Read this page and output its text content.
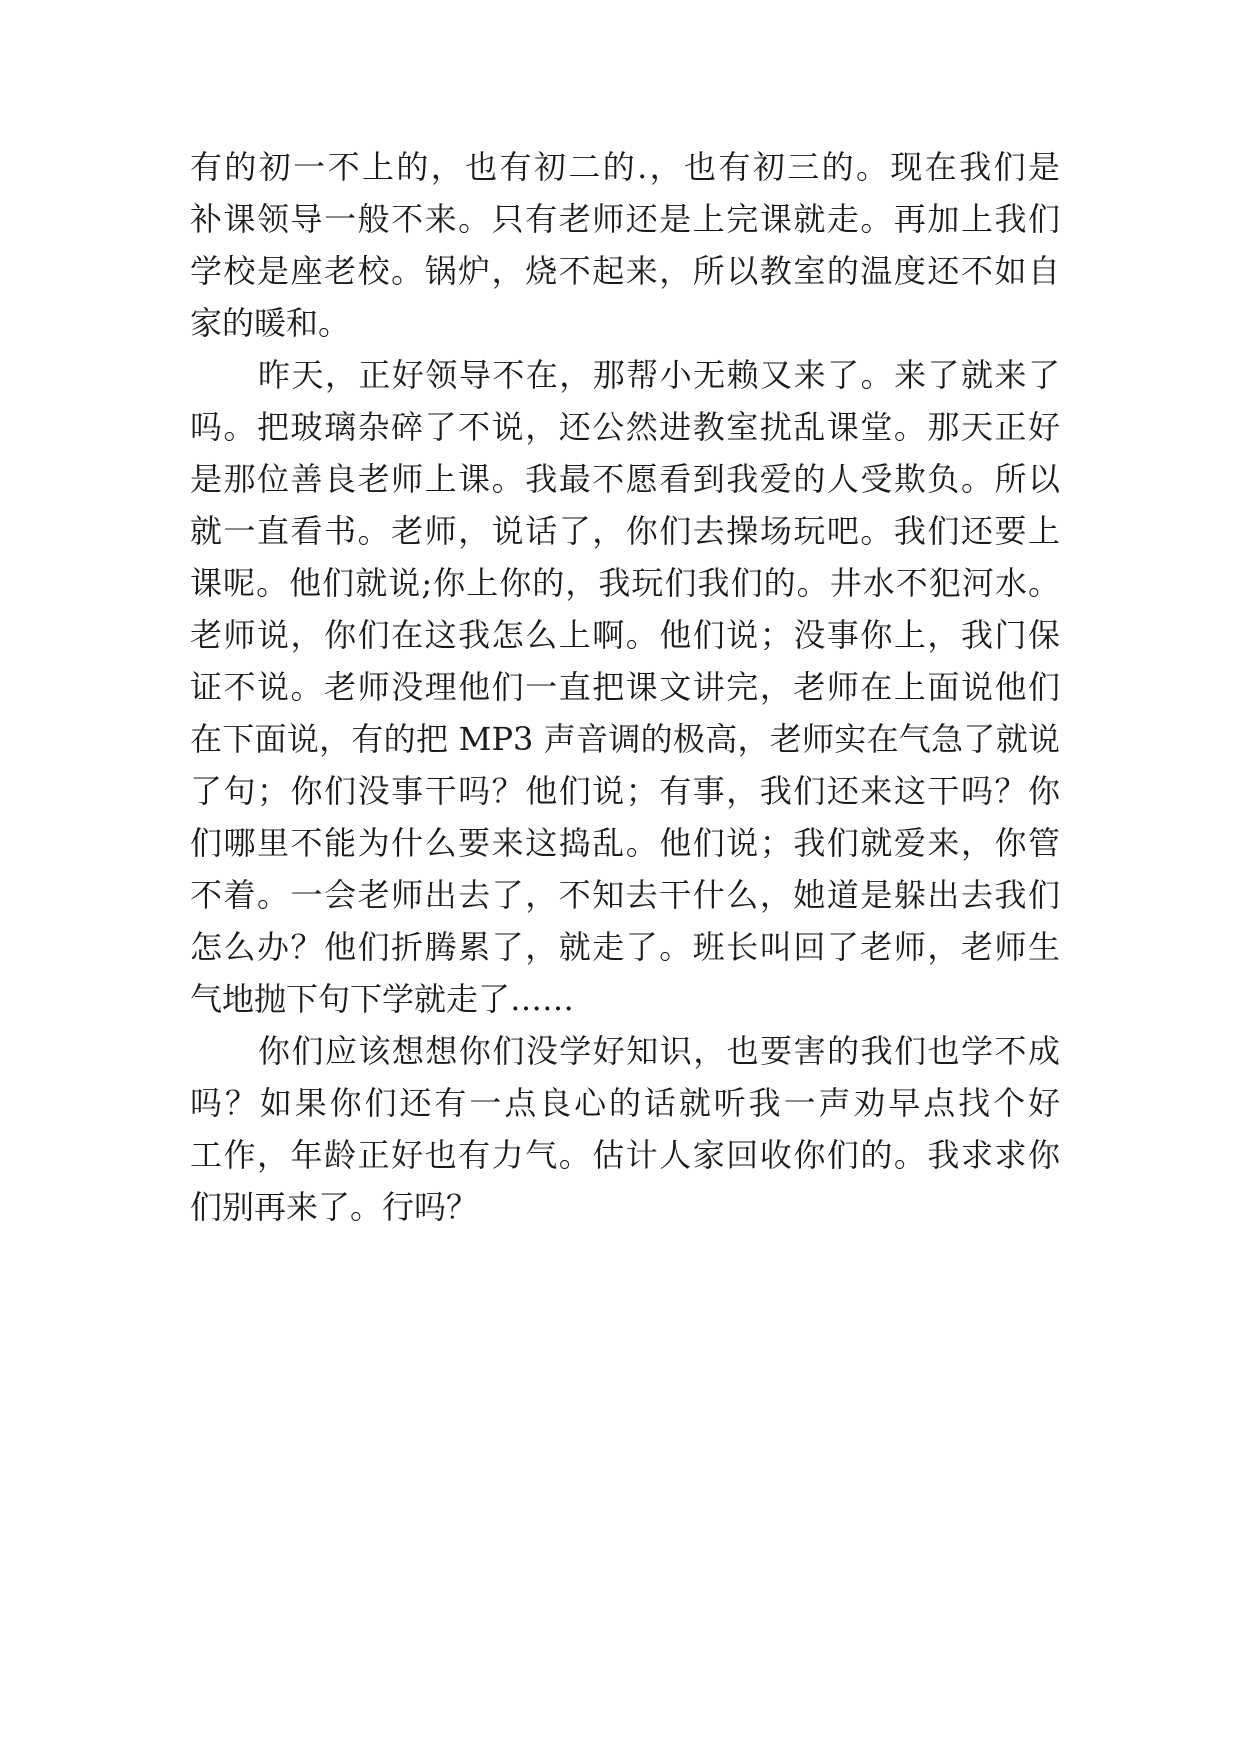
有的初一不上的，也有初二的.，也有初三的。现在我们是
补课领导一般不来。只有老师还是上完课就走。再加上我们
学校是座老校。锅炉，烧不起来，所以教室的温度还不如自
家的暖和。
昨天，正好领导不在，那帮小无赖又来了。来了就来了
吗。把玻璃杂碎了不说，还公然进教室扰乱课堂。那天正好
是那位善良老师上课。我最不愿看到我爱的人受欺负。所以
就一直看书。老师，说话了，你们去操场玩吧。我们还要上
课呢。他们就说;你上你的，我玩们我们的。井水不犯河水。
老师说，你们在这我怎么上啊。他们说；没事你上，我门保
证不说。老师没理他们一直把课文讲完，老师在上面说他们
在下面说，有的把 MP3 声音调的极高，老师实在气急了就说
了句；你们没事干吗？他们说；有事，我们还来这干吗？你
们哪里不能为什么要来这捣乱。他们说；我们就爱来，你管
不着。一会老师出去了，不知去干什么，她道是躲出去我们
怎么办？他们折腾累了，就走了。班长叫回了老师，老师生
气地抛下句下学就走了……
你们应该想想你们没学好知识，也要害的我们也学不成
吗？如果你们还有一点良心的话就听我一声劝早点找个好
工作，年龄正好也有力气。估计人家回收你们的。我求求你
们别再来了。行吗？
